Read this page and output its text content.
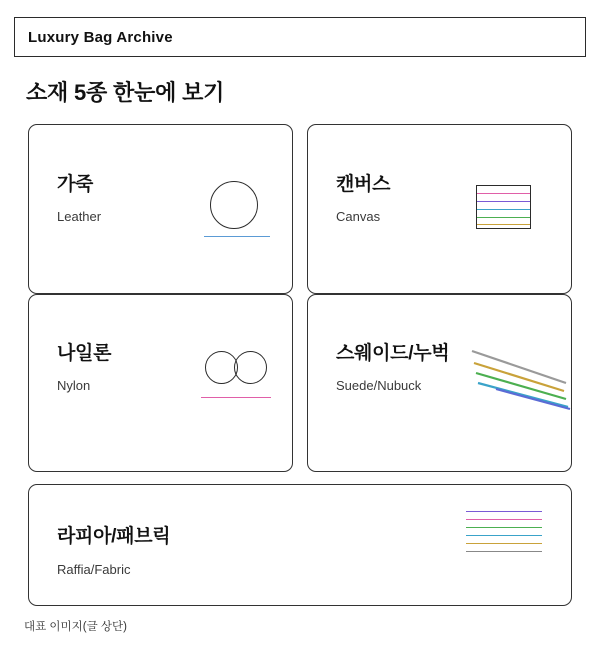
Luxury Bag Archive
소재 5종 한눈에 보기
가죽
Leather
캔버스
Canvas
나일론
Nylon
스웨이드/누벅
Suede/Nubuck
라피아/패브릭
Raffia/Fabric
대표 이미지(글 상단)
